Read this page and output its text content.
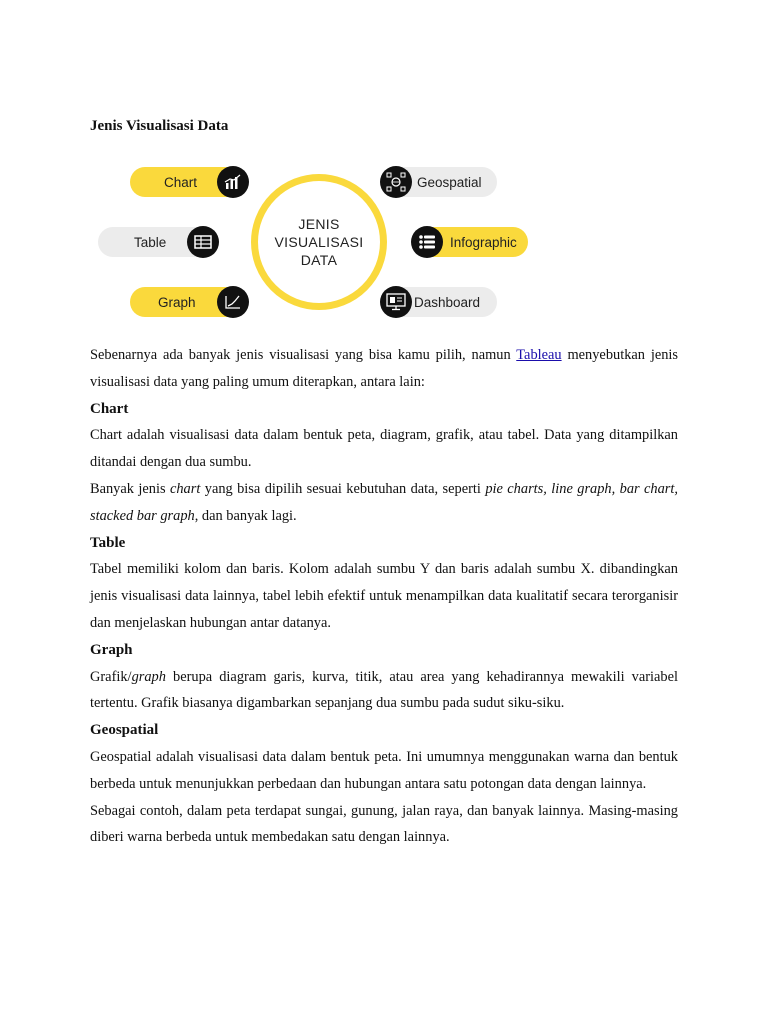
Jenis Visualisasi Data
JENIS
VISUALISASI
DATA
Chart
Table
Graph
Geospatial
Infographic
Dashboard

Sebenarnya ada banyak jenis visualisasi yang bisa kamu pilih, namun Tableau menyebutkan jenis visualisasi data yang paling umum diterapkan, antara lain:

Chart

Chart adalah visualisasi data dalam bentuk peta, diagram, grafik, atau tabel. Data yang ditampilkan ditandai dengan dua sumbu.

Banyak jenis chart yang bisa dipilih sesuai kebutuhan data, seperti pie charts, line graph, bar chart, stacked bar graph, dan banyak lagi.

Table

Tabel memiliki kolom dan baris. Kolom adalah sumbu Y dan baris adalah sumbu X. dibandingkan jenis visualisasi data lainnya, tabel lebih efektif untuk menampilkan data kualitatif secara terorganisir dan menjelaskan hubungan antar datanya.

Graph

Grafik/graph berupa diagram garis, kurva, titik, atau area yang kehadirannya mewakili variabel tertentu. Grafik biasanya digambarkan sepanjang dua sumbu pada sudut siku-siku.

Geospatial

Geospatial adalah visualisasi data dalam bentuk peta. Ini umumnya menggunakan warna dan bentuk berbeda untuk menunjukkan perbedaan dan hubungan antara satu potongan data dengan lainnya.

Sebagai contoh, dalam peta terdapat sungai, gunung, jalan raya, dan banyak lainnya. Masing-masing diberi warna berbeda untuk membedakan satu dengan lainnya.
